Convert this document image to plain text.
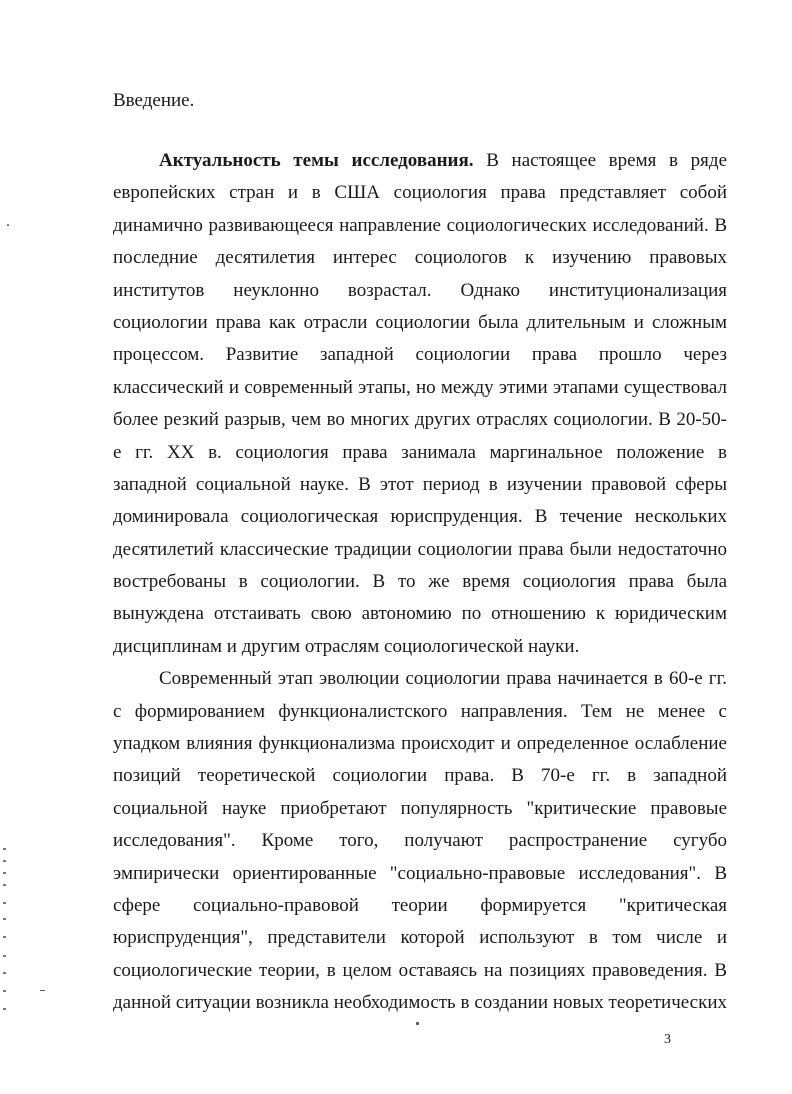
Введение.
Актуальность темы исследования. В настоящее время в ряде
европейских стран и в США социология права представляет собой
динамично развивающееся направление социологических исследований. В
последние десятилетия интерес социологов к изучению правовых
институтов неуклонно возрастал. Однако институционализация
социологии права как отрасли социологии была длительным и сложным
процессом. Развитие западной социологии права прошло через
классический и современный этапы, но между этими этапами существовал
более резкий разрыв, чем во многих других отраслях социологии. В 20-50-
е гг. XX в. социология права занимала маргинальное положение в
западной социальной науке. В этот период в изучении правовой сферы
доминировала социологическая юриспруденция. В течение нескольких
десятилетий классические традиции социологии права были недостаточно
востребованы в социологии. В то же время социология права была
вынуждена отстаивать свою автономию по отношению к юридическим
дисциплинам и другим отраслям социологической науки.
Современный этап эволюции социологии права начинается в 60-е гг.
с формированием функционалистского направления. Тем не менее с
упадком влияния функционализма происходит и определенное ослабление
позиций теоретической социологии права. В 70-е гг. в западной
социальной науке приобретают популярность "критические правовые
исследования". Кроме того, получают распространение сугубо
эмпирически ориентированные "социально-правовые исследования". В
сфере социально-правовой теории формируется "критическая
юриспруденция", представители которой используют в том числе и
социологические теории, в целом оставаясь на позициях правоведения. В
данной ситуации возникла необходимость в создании новых теоретических
3
